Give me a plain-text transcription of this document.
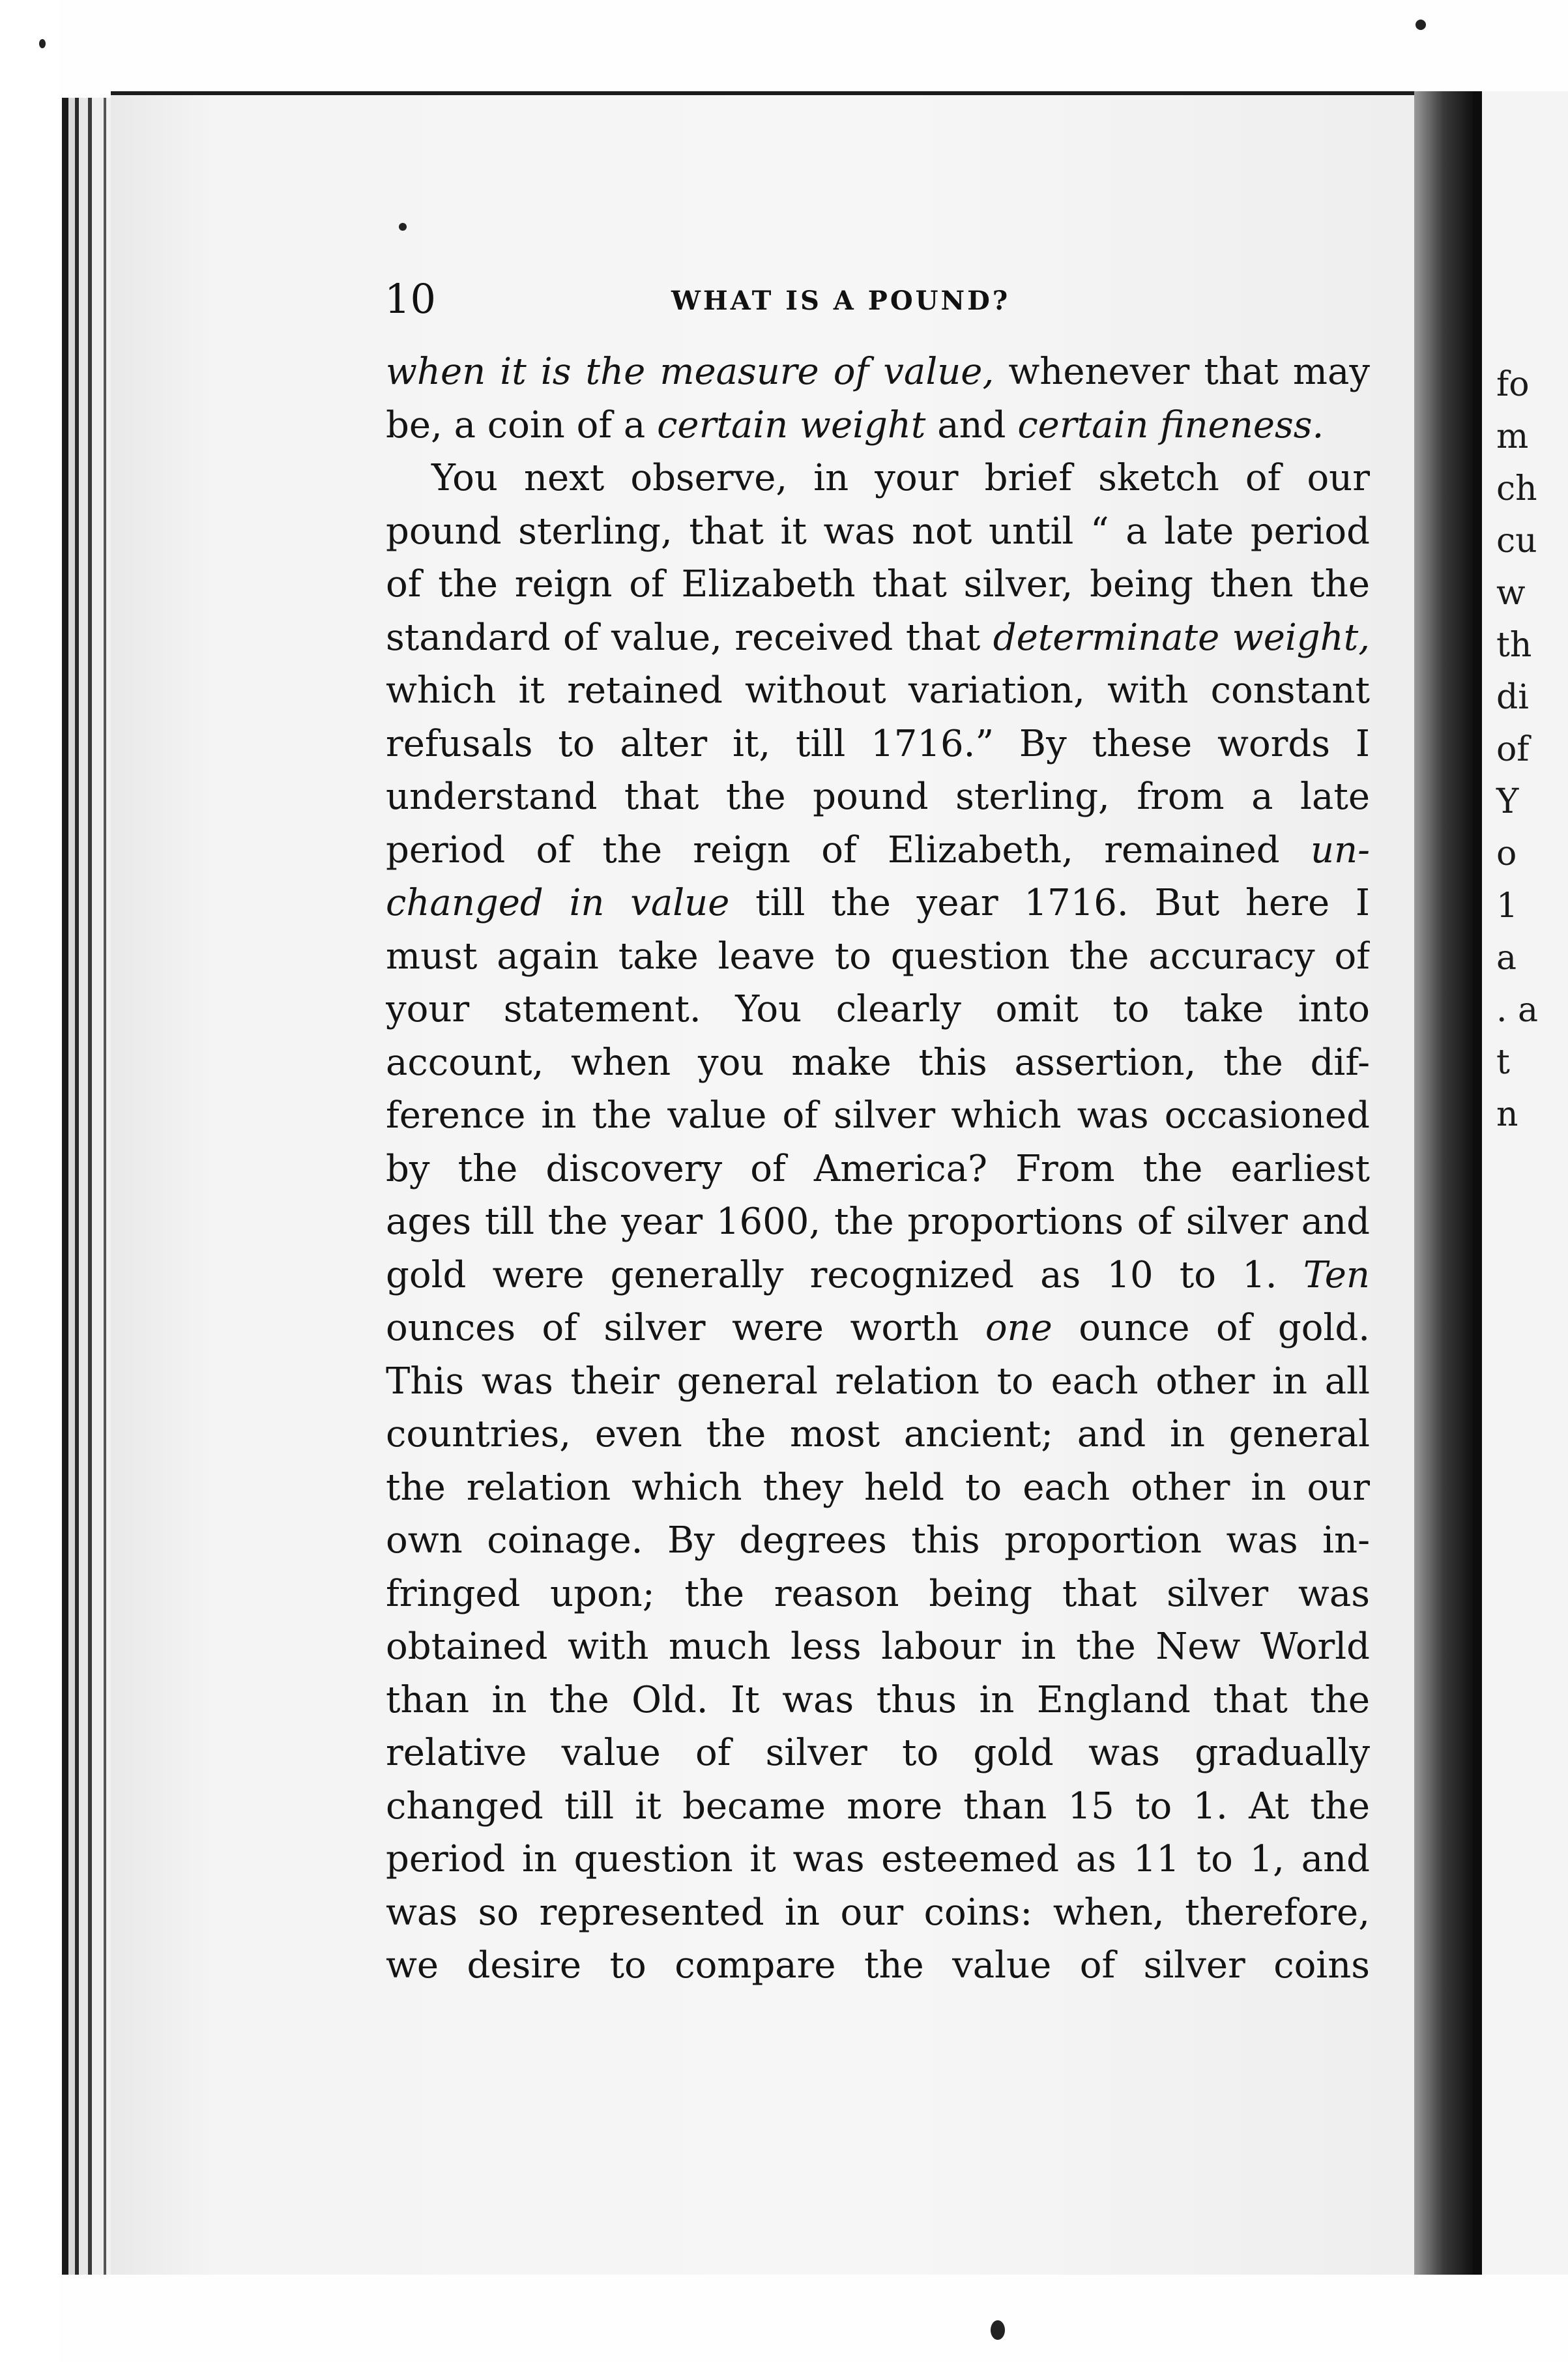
fo
m
ch
cu
w
th
di
of
Y
o
1
a
. a
t
n
10	WHAT IS A POUND?
when it is the measure of value, whenever that may
be, a coin of a certain weight and certain fineness.
You next observe, in your brief sketch of our
pound sterling, that it was not until “ a late period
of the reign of Elizabeth that silver, being then the
standard of value, received that determinate weight,
which it retained without variation, with constant
refusals to alter it, till 1716.” By these words I
understand that the pound sterling, from a late
period of the reign of Elizabeth, remained un-
changed in value till the year 1716. But here I
must again take leave to question the accuracy of
your statement. You clearly omit to take into
account, when you make this assertion, the dif-
ference in the value of silver which was occasioned
by the discovery of America? From the earliest
ages till the year 1600, the proportions of silver and
gold were generally recognized as 10 to 1. Ten
ounces of silver were worth one ounce of gold.
This was their general relation to each other in all
countries, even the most ancient; and in general
the relation which they held to each other in our
own coinage. By degrees this proportion was in-
fringed upon; the reason being that silver was
obtained with much less labour in the New World
than in the Old. It was thus in England that the
relative value of silver to gold was gradually
changed till it became more than 15 to 1. At the
period in question it was esteemed as 11 to 1, and
was so represented in our coins: when, therefore,
we desire to compare the value of silver coins
